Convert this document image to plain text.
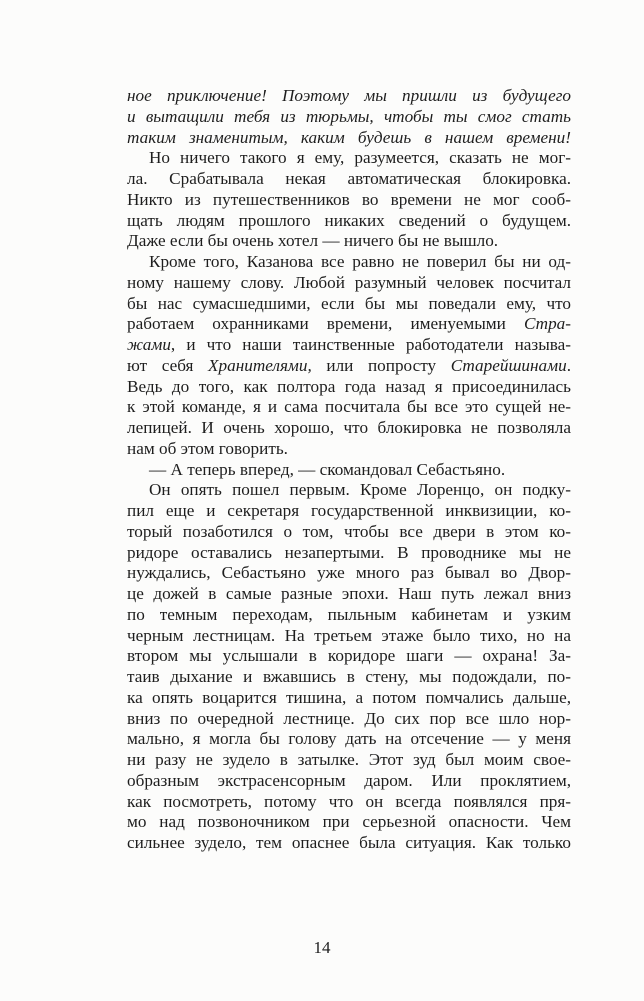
ное приключение! Поэтому мы пришли из будущего
и вытащили тебя из тюрьмы, чтобы ты смог стать
таким знаменитым, каким будешь в нашем времени!
Но ничего такого я ему, разумеется, сказать не мог-
ла. Срабатывала некая автоматическая блокировка.
Никто из путешественников во времени не мог сооб-
щать людям прошлого никаких сведений о будущем.
Даже если бы очень хотел — ничего бы не вышло.
Кроме того, Казанова все равно не поверил бы ни од-
ному нашему слову. Любой разумный человек посчитал
бы нас сумасшедшими, если бы мы поведали ему, что
работаем охранниками времени, именуемыми Стра-
жами, и что наши таинственные работодатели называ-
ют себя Хранителями, или попросту Старейшинами.
Ведь до того, как полтора года назад я присоединилась
к этой команде, я и сама посчитала бы все это сущей не-
лепицей. И очень хорошо, что блокировка не позволяла
нам об этом говорить.
— А теперь вперед, — скомандовал Себастьяно.
Он опять пошел первым. Кроме Лоренцо, он подку-
пил еще и секретаря государственной инквизиции, ко-
торый позаботился о том, чтобы все двери в этом ко-
ридоре оставались незапертыми. В проводнике мы не
нуждались, Себастьяно уже много раз бывал во Двор-
це дожей в самые разные эпохи. Наш путь лежал вниз
по темным переходам, пыльным кабинетам и узким
черным лестницам. На третьем этаже было тихо, но на
втором мы услышали в коридоре шаги — охрана! За-
таив дыхание и вжавшись в стену, мы подождали, по-
ка опять воцарится тишина, а потом помчались дальше,
вниз по очередной лестнице. До сих пор все шло нор-
мально, я могла бы голову дать на отсечение — у меня
ни разу не зудело в затылке. Этот зуд был моим свое-
образным экстрасенсорным даром. Или проклятием,
как посмотреть, потому что он всегда появлялся пря-
мо над позвоночником при серьезной опасности. Чем
сильнее зудело, тем опаснее была ситуация. Как только
14
